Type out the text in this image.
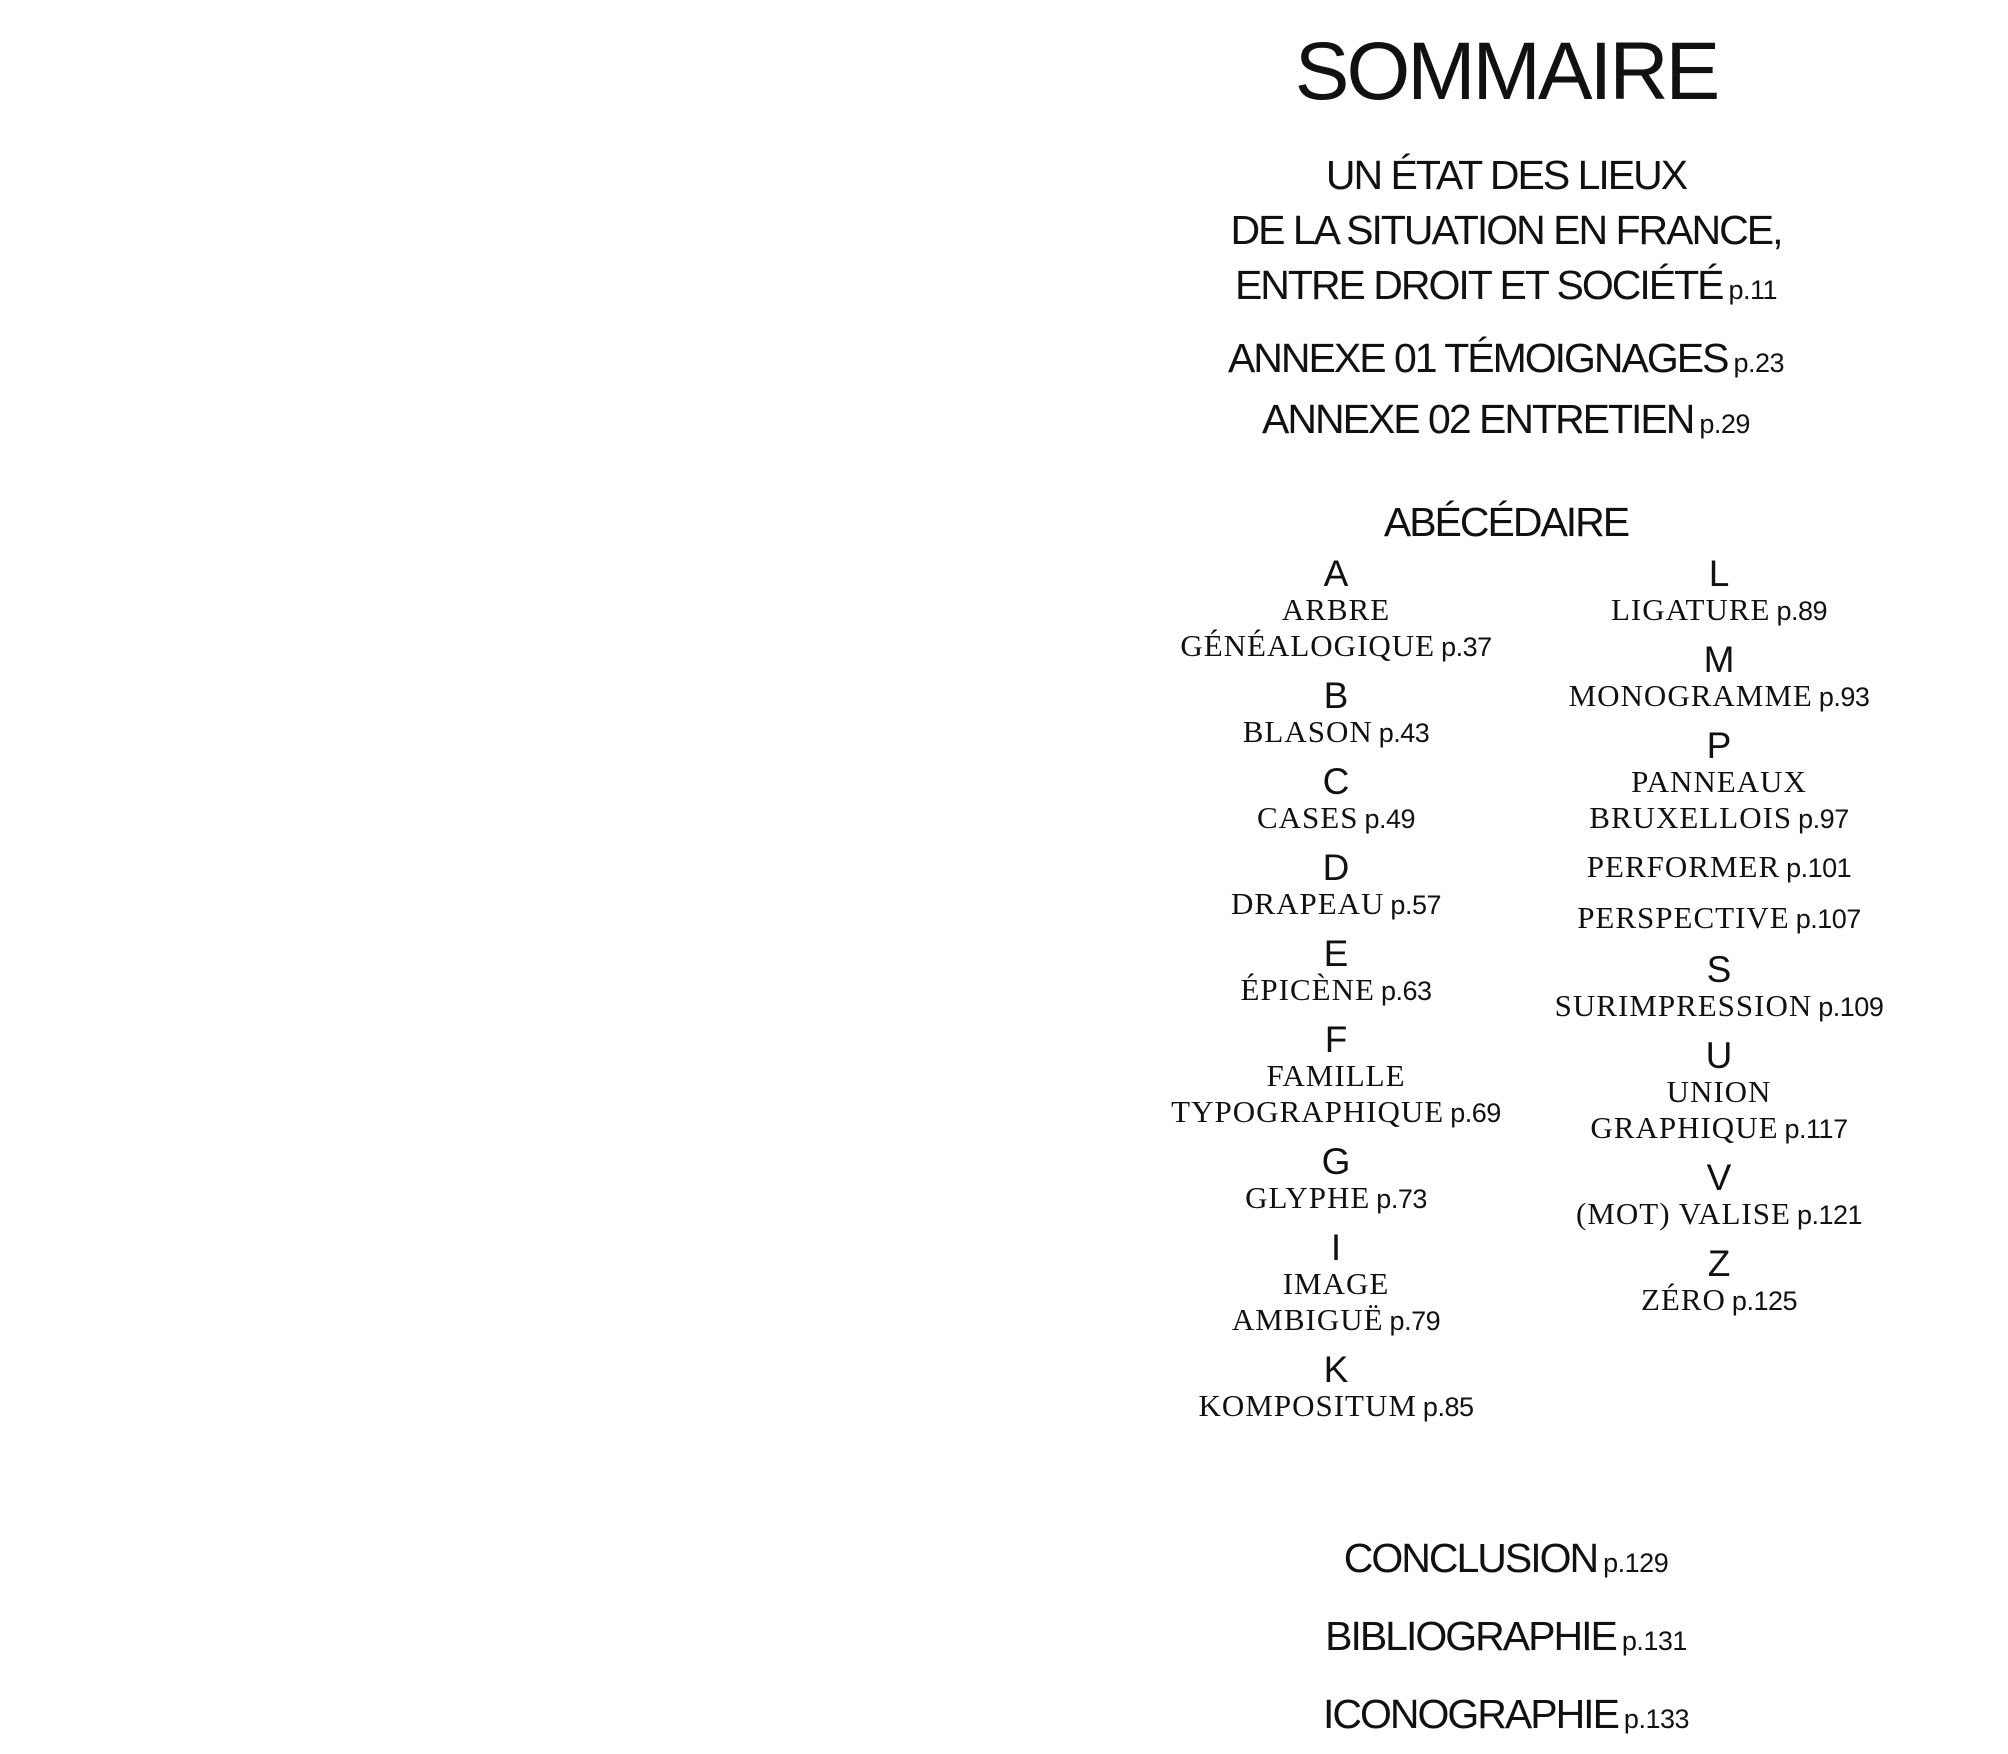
SOMMAIRE
UN ÉTAT DES LIEUX
DE LA SITUATION EN FRANCE,
ENTRE DROIT ET SOCIÉTÉ p.11
ANNEXE 01 TÉMOIGNAGES p.23
ANNEXE 02 ENTRETIEN p.29
ABÉCÉDAIRE
A
ARBRE
GÉNÉALOGIQUE p.37
B
BLASON p.43
C
CASES p.49
D
DRAPEAU p.57
E
ÉPICÈNE p.63
F
FAMILLE
TYPOGRAPHIQUE p.69
G
GLYPHE p.73
I
IMAGE
AMBIGUË p.79
K
KOMPOSITUM p.85
L
LIGATURE p.89
M
MONOGRAMME p.93
P
PANNEAUX
BRUXELLOIS p.97
PERFORMER p.101
PERSPECTIVE p.107
S
SURIMPRESSION p.109
U
UNION
GRAPHIQUE p.117
V
(MOT) VALISE p.121
Z
ZÉRO p.125
CONCLUSION p.129
BIBLIOGRAPHIE p.131
ICONOGRAPHIE p.133
